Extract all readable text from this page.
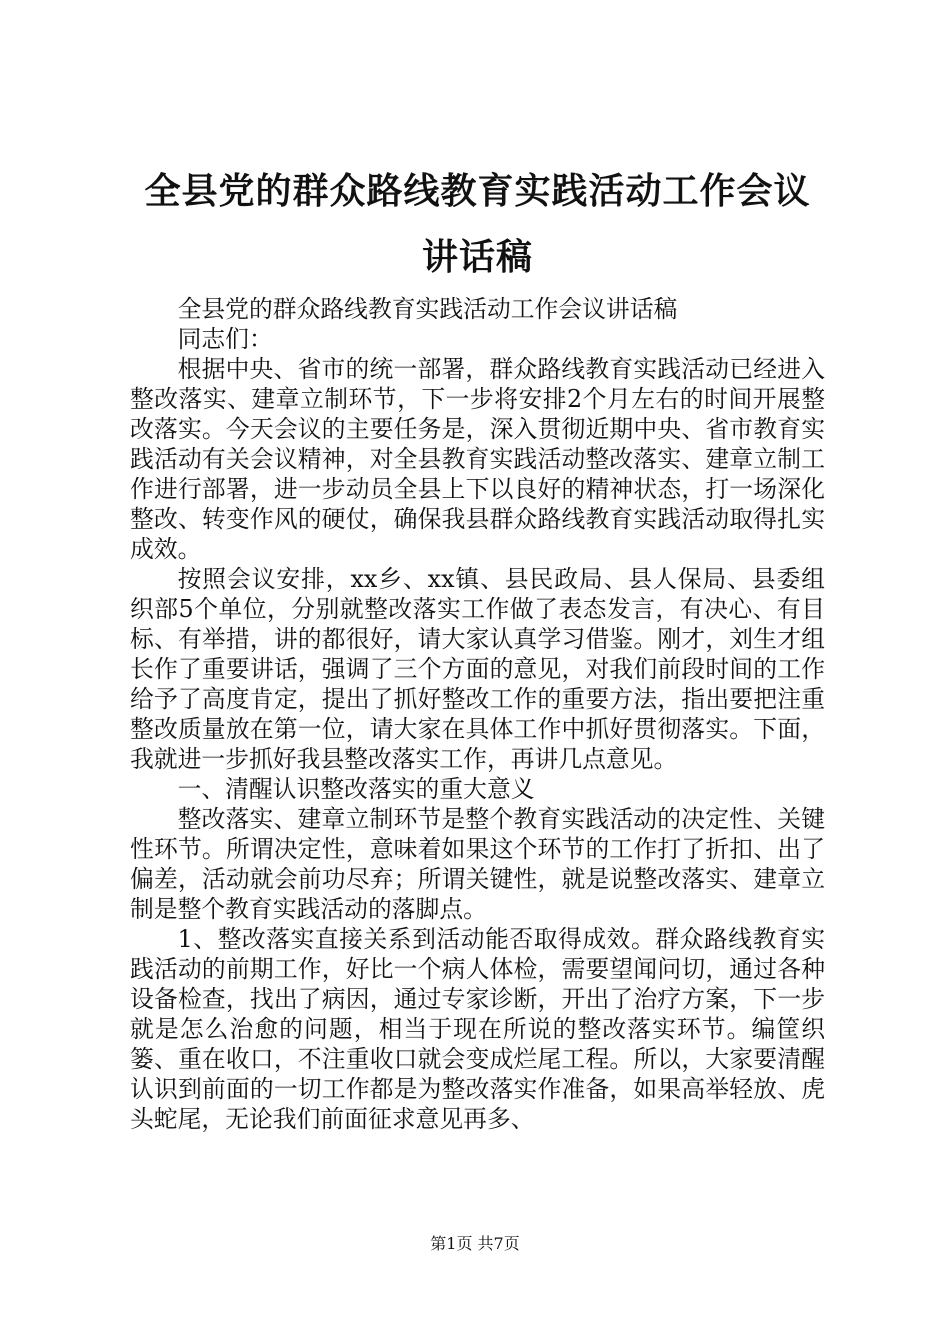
全县党的群众路线教育实践活动工作会议讲话稿

全县党的群众路线教育实践活动工作会议讲话稿

同志们：

根据中央、省市的统一部署，群众路线教育实践活动已经进入整改落实、建章立制环节，下一步将安排2个月左右的时间开展整改落实。今天会议的主要任务是，深入贯彻近期中央、省市教育实践活动有关会议精神，对全县教育实践活动整改落实、建章立制工作进行部署，进一步动员全县上下以良好的精神状态，打一场深化整改、转变作风的硬仗，确保我县群众路线教育实践活动取得扎实成效。

按照会议安排，xx乡、xx镇、县民政局、县人保局、县委组织部5个单位，分别就整改落实工作做了表态发言，有决心、有目标、有举措，讲的都很好，请大家认真学习借鉴。刚才，刘生才组长作了重要讲话，强调了三个方面的意见，对我们前段时间的工作给予了高度肯定，提出了抓好整改工作的重要方法，指出要把注重整改质量放在第一位，请大家在具体工作中抓好贯彻落实。下面，我就进一步抓好我县整改落实工作，再讲几点意见。

一、清醒认识整改落实的重大意义

整改落实、建章立制环节是整个教育实践活动的决定性、关键性环节。所谓决定性，意味着如果这个环节的工作打了折扣、出了偏差，活动就会前功尽弃；所谓关键性，就是说整改落实、建章立制是整个教育实践活动的落脚点。

1、整改落实直接关系到活动能否取得成效。群众路线教育实践活动的前期工作，好比一个病人体检，需要望闻问切，通过各种设备检查，找出了病因，通过专家诊断，开出了治疗方案，下一步就是怎么治愈的问题，相当于现在所说的整改落实环节。编筐织篓、重在收口，不注重收口就会变成烂尾工程。所以，大家要清醒认识到前面的一切工作都是为整改落实作准备，如果高举轻放、虎头蛇尾，无论我们前面征求意见再多、

第1页 共7页
